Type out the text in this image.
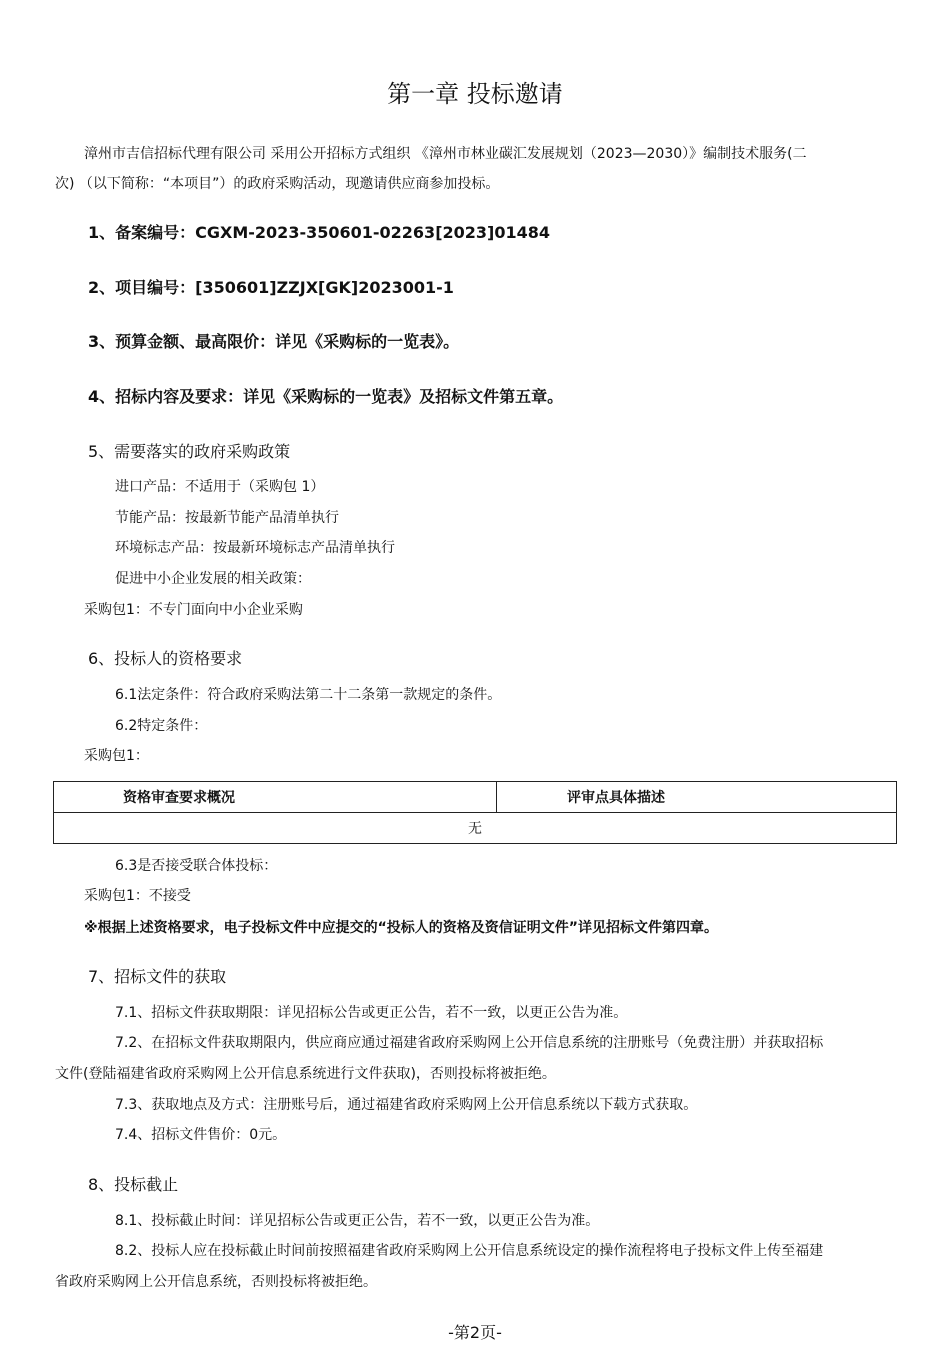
第一章 投标邀请
漳州市吉信招标代理有限公司 采用公开招标方式组织 《漳州市林业碳汇发展规划（2023—2030）》编制技术服务(二
次) （以下简称：“本项目”）的政府采购活动，现邀请供应商参加投标。
1、备案编号：CGXM-2023-350601-02263[2023]01484
2、项目编号：[350601]ZZJX[GK]2023001-1
3、预算金额、最高限价：详见《采购标的一览表》。
4、招标内容及要求：详见《采购标的一览表》及招标文件第五章。
5、需要落实的政府采购政策
进口产品：不适用于（采购包 1）
节能产品：按最新节能产品清单执行
环境标志产品：按最新环境标志产品清单执行
促进中小企业发展的相关政策：
采购包1：不专门面向中小企业采购
6、投标人的资格要求
6.1法定条件：符合政府采购法第二十二条第一款规定的条件。
6.2特定条件：
采购包1：
资格审查要求概况	评审点具体描述
无
6.3是否接受联合体投标：
采购包1：不接受
※根据上述资格要求，电子投标文件中应提交的“投标人的资格及资信证明文件”详见招标文件第四章。
7、招标文件的获取
7.1、招标文件获取期限：详见招标公告或更正公告，若不一致，以更正公告为准。
7.2、在招标文件获取期限内，供应商应通过福建省政府采购网上公开信息系统的注册账号（免费注册）并获取招标
文件(登陆福建省政府采购网上公开信息系统进行文件获取)，否则投标将被拒绝。
7.3、获取地点及方式：注册账号后，通过福建省政府采购网上公开信息系统以下载方式获取。
7.4、招标文件售价：0元。
8、投标截止
8.1、投标截止时间：详见招标公告或更正公告，若不一致，以更正公告为准。
8.2、投标人应在投标截止时间前按照福建省政府采购网上公开信息系统设定的操作流程将电子投标文件上传至福建
省政府采购网上公开信息系统，否则投标将被拒绝。
-第2页-
